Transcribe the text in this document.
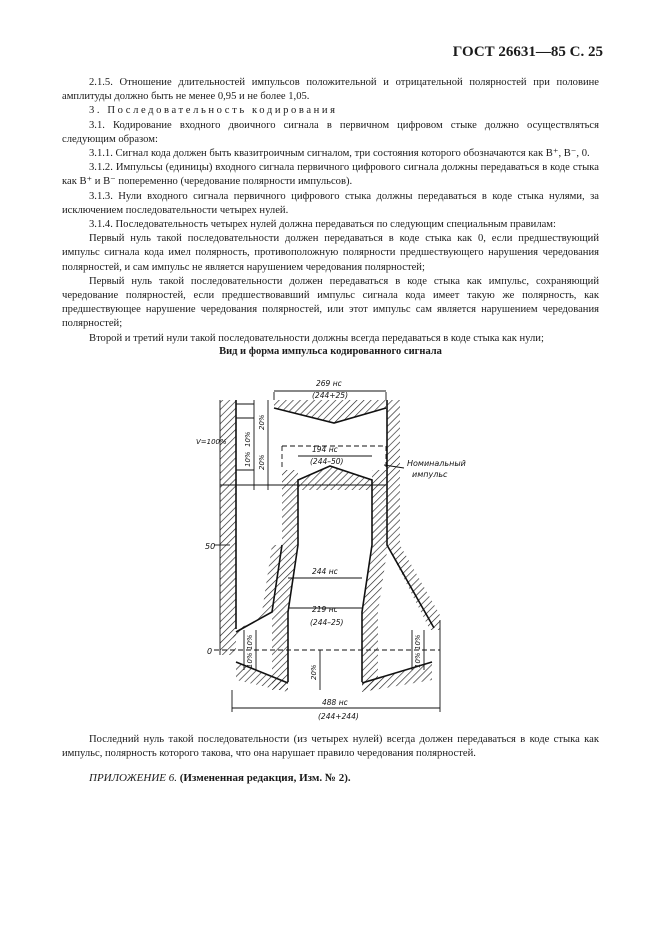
ГОСТ 26631—85 С. 25

2.1.5. Отношение длительностей импульсов положительной и отрицательной полярностей при половине амплитуды должно быть не менее 0,95 и не более 1,05.

3. Последовательность кодирования

3.1. Кодирование входного двоичного сигнала в первичном цифровом стыке должно осуществляться следующим образом:

3.1.1. Сигнал кода должен быть квазитроичным сигналом, три состояния которого обозначаются как B⁺, B⁻, 0.

3.1.2. Импульсы (единицы) входного сигнала первичного цифрового сигнала должны передаваться в коде стыка как B⁺ и B⁻ попеременно (чередование полярности импульсов).

3.1.3. Нули входного сигнала первичного цифрового стыка должны передаваться в коде стыка нулями, за исключением последовательности четырех нулей.

3.1.4. Последовательность четырех нулей должна передаваться по следующим специальным правилам:

Первый нуль такой последовательности должен передаваться в коде стыка как 0, если предшествующий импульс сигнала кода имел полярность, противоположную полярности предшествующего нарушения чередования полярностей, и сам импульс не является нарушением чередования полярностей;

Первый нуль такой последовательности должен передаваться в коде стыка как импульс, сохраняющий чередование полярностей, если предшествовавший импульс сигнала кода имеет такую же полярность, как предшествующее нарушение чередования полярностей, или этот импульс сам является нарушением чередования полярностей;

Второй и третий нули такой последовательности должны всегда передаваться в коде стыка как нули;

Вид и форма импульса кодированного сигнала
269 нс
(244+25)
194 нс
(244–50)	Номинальный
импульс
244 нс
219 нс
(244–25)
488 нс
(244+244)
V=100%
50
0
10%
10%
20%
20%
10%
10%
10%
10%
20%

Последний нуль такой последовательности (из четырех нулей) всегда должен передаваться в коде стыка как импульс, полярность которого такова, что она нарушает правило чередования полярностей.

ПРИЛОЖЕНИЕ 6. (Измененная редакция, Изм. № 2).
